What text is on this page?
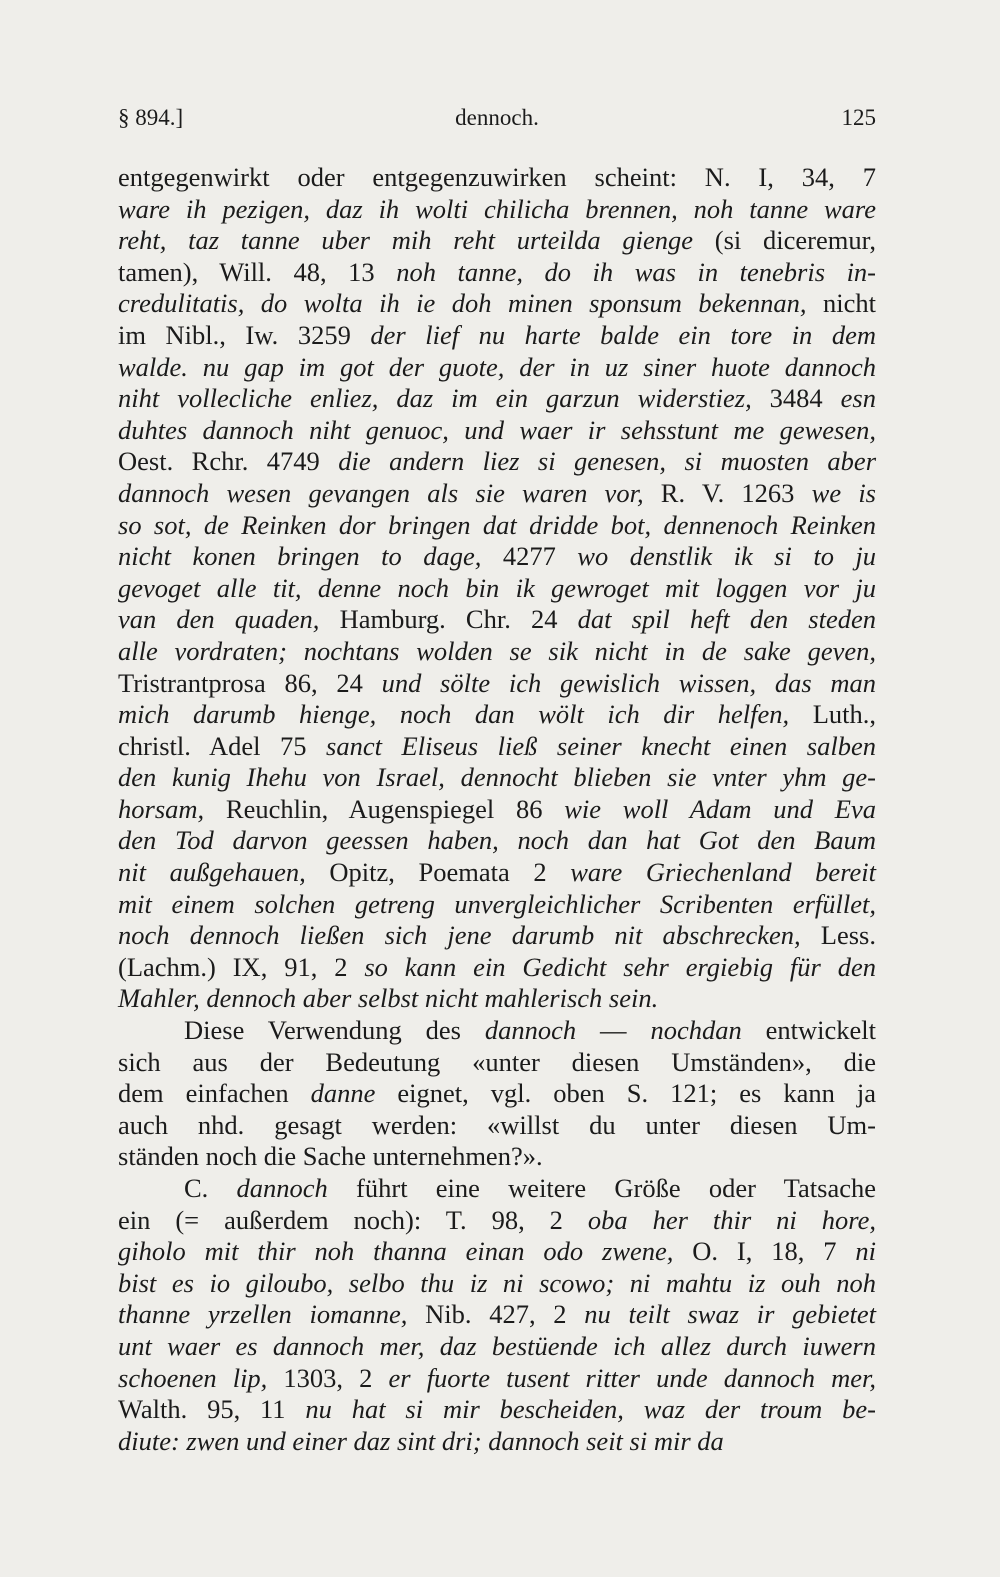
§ 894.]	dennoch.	125
entgegenwirkt oder entgegenzuwirken scheint: N. I, 34, 7
ware ih pezigen, daz ih wolti chilicha brennen, noh tanne ware
reht, taz tanne uber mih reht urteilda gienge (si diceremur,
tamen), Will. 48, 13 noh tanne, do ih was in tenebris in-
credulitatis, do wolta ih ie doh minen sponsum bekennan, nicht
im Nibl., Iw. 3259 der lief nu harte balde ein tore in dem
walde. nu gap im got der guote, der in uz siner huote dannoch
niht vollecliche enliez, daz im ein garzun widerstiez, 3484 esn
duhtes dannoch niht genuoc, und waer ir sehsstunt me gewesen,
Oest. Rchr. 4749 die andern liez si genesen, si muosten aber
dannoch wesen gevangen als sie waren vor, R. V. 1263 we is
so sot, de Reinken dor bringen dat dridde bot, dennenoch Reinken
nicht konen bringen to dage, 4277 wo denstlik ik si to ju
gevoget alle tit, denne noch bin ik gewroget mit loggen vor ju
van den quaden, Hamburg. Chr. 24 dat spil heft den steden
alle vordraten; nochtans wolden se sik nicht in de sake geven,
Tristrantprosa 86, 24 und sölte ich gewislich wissen, das man
mich darumb hienge, noch dan wölt ich dir helfen, Luth.,
christl. Adel 75 sanct Eliseus ließ seiner knecht einen salben
den kunig Ihehu von Israel, dennocht blieben sie vnter yhm ge-
horsam, Reuchlin, Augenspiegel 86 wie woll Adam und Eva
den Tod darvon geessen haben, noch dan hat Got den Baum
nit außgehauen, Opitz, Poemata 2 ware Griechenland bereit
mit einem solchen getreng unvergleichlicher Scribenten erfüllet,
noch dennoch ließen sich jene darumb nit abschrecken, Less.
(Lachm.) IX, 91, 2 so kann ein Gedicht sehr ergiebig für den
Mahler, dennoch aber selbst nicht mahlerisch sein.
Diese Verwendung des dannoch — nochdan entwickelt
sich aus der Bedeutung «unter diesen Umständen», die
dem einfachen danne eignet, vgl. oben S. 121; es kann ja
auch nhd. gesagt werden: «willst du unter diesen Um-
ständen noch die Sache unternehmen?».
C. dannoch führt eine weitere Größe oder Tatsache
ein (= außerdem noch): T. 98, 2 oba her thir ni hore,
giholo mit thir noh thanna einan odo zwene, O. I, 18, 7 ni
bist es io giloubo, selbo thu iz ni scowo; ni mahtu iz ouh noh
thanne yrzellen iomanne, Nib. 427, 2 nu teilt swaz ir gebietet
unt waer es dannoch mer, daz bestüende ich allez durch iuwern
schoenen lip, 1303, 2 er fuorte tusent ritter unde dannoch mer,
Walth. 95, 11 nu hat si mir bescheiden, waz der troum be-
diute: zwen und einer daz sint dri; dannoch seit si mir da
